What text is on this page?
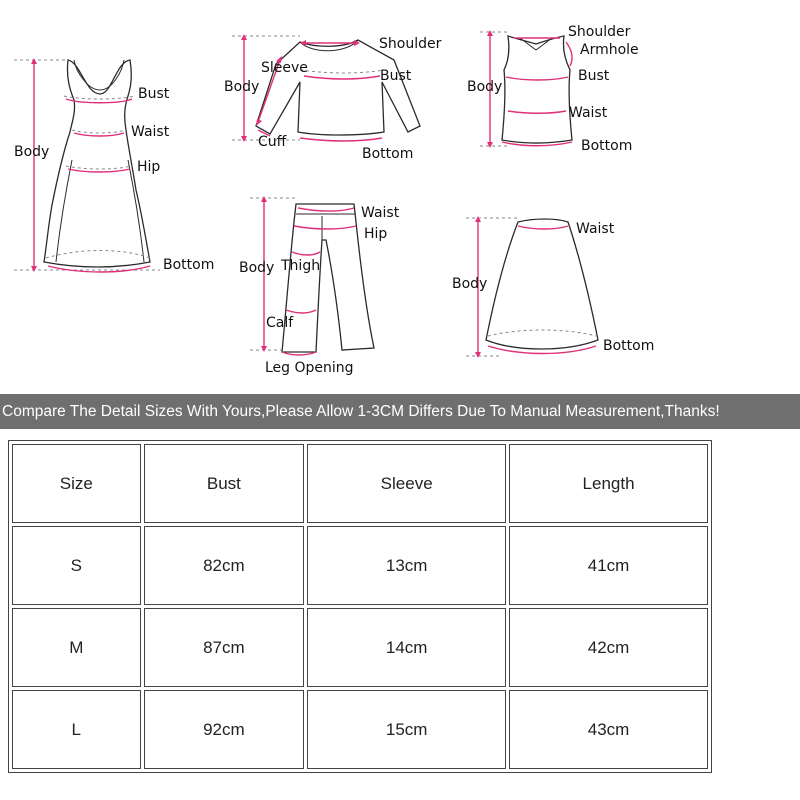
Bust
Waist
Body
Hip
Bottom
Sleeve
Shoulder
Body
Bust
Cuff
Bottom
Shoulder
Armhole
Body
Bust
Waist
Bottom
Waist
Hip
Body Thigh
Calf
Leg Opening
Waist
Body
Bottom
Compare The Detail Sizes With Yours,Please Allow 1-3CM Differs Due To Manual Measurement,Thanks!
Size	Bust	Sleeve	Length
S	82cm	13cm	41cm
M	87cm	14cm	42cm
L	92cm	15cm	43cm
